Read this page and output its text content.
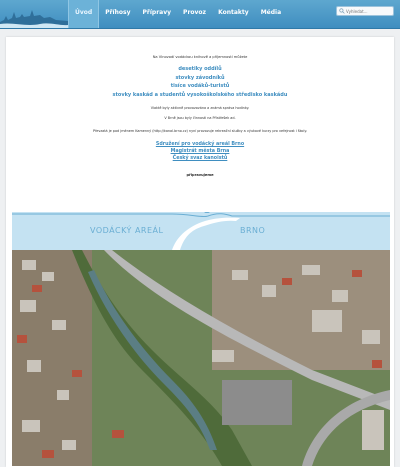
Úvod	Příhosy	Přípravy	Provoz	Kontakty	Média
Vyhledat...
Na Vlnovodí vodáckou knihově a příjemností můžete
desetiky oddílů
stovky závodníků
tisíce vodáků-turistů
stovky kaskád a studentů vysokoškolského středisko kaskádu
Vlaktě byly aktivně provozována a známá správa hodinky.
V Brně jsou byly činnosti na Přístřešek ad.
Převzatá je pod jménem Kamenný (http://kanal.brno.cz) nyní provozuje rekreační služby a výukové kurzy pro veřejnost i školy.
Sdružení pro vodácký areál Brno
Magistrát města Brna
Český svaz kanoistů
připravujeme
VODÁCKÝ AREÁL	BRNO
